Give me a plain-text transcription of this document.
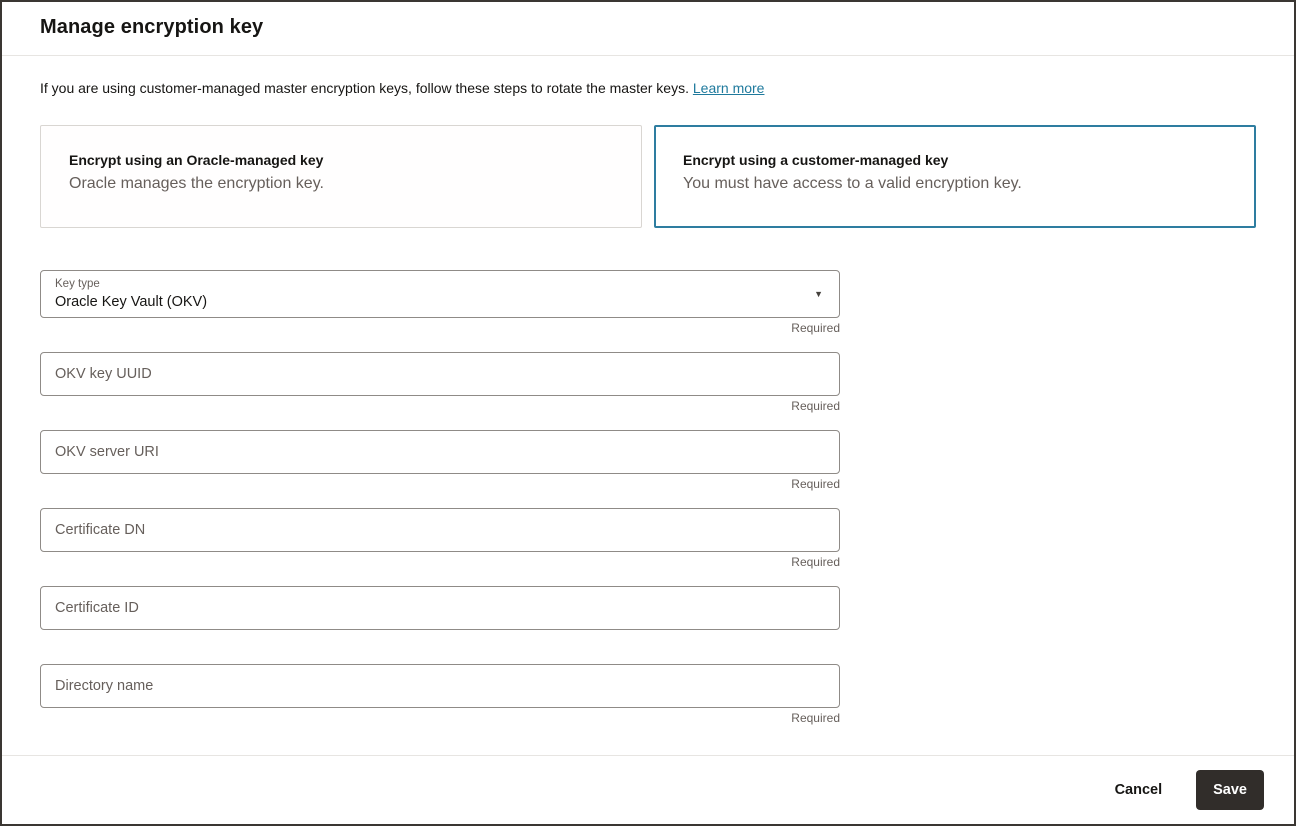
Manage encryption key

If you are using customer-managed master encryption keys, follow these steps to rotate the master keys. Learn more

Encrypt using an Oracle-managed key
Oracle manages the encryption key.
Encrypt using a customer-managed key
You must have access to a valid encryption key.
Key type
Oracle Key Vault (OKV)	▼
Required
OKV key UUID
Required
OKV server URI
Required
Certificate DN
Required
Certificate ID
Directory name
Required
Cancel	Save
